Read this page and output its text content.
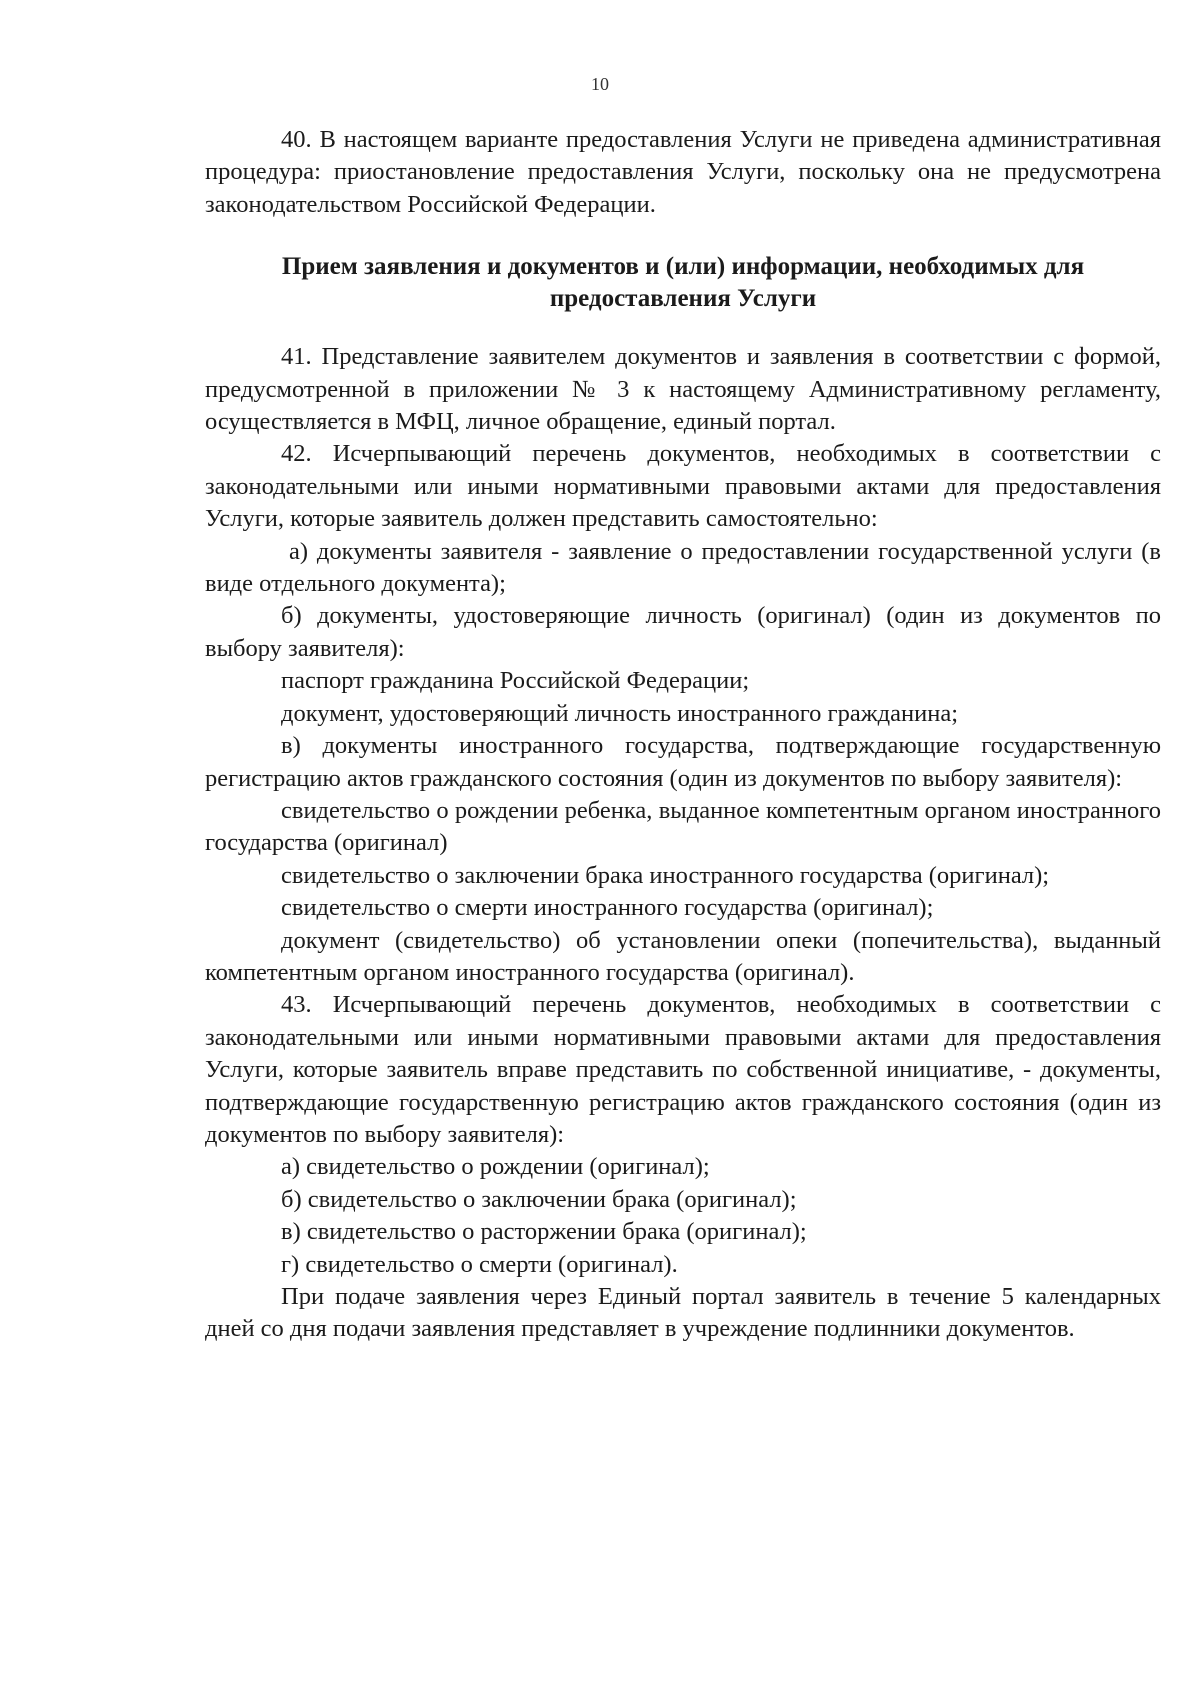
10

40. В настоящем варианте предоставления Услуги не приведена административная процедура: приостановление предоставления Услуги, поскольку она не предусмотрена законодательством Российской Федерации.

Прием заявления и документов и (или) информации, необходимых для предоставления Услуги

41. Представление заявителем документов и заявления в соответствии с формой, предусмотренной в приложении № 3 к настоящему Административному регламенту, осуществляется в МФЦ, личное обращение, единый портал.

42. Исчерпывающий перечень документов, необходимых в соответствии с законодательными или иными нормативными правовыми актами для предоставления Услуги, которые заявитель должен представить самостоятельно:

а) документы заявителя - заявление о предоставлении государственной услуги (в виде отдельного документа);

б) документы, удостоверяющие личность (оригинал) (один из документов по выбору заявителя):

паспорт гражданина Российской Федерации;

документ, удостоверяющий личность иностранного гражданина;

в) документы иностранного государства, подтверждающие государственную регистрацию актов гражданского состояния (один из документов по выбору заявителя):

свидетельство о рождении ребенка, выданное компетентным органом иностранного государства (оригинал)

свидетельство о заключении брака иностранного государства (оригинал);

свидетельство о смерти иностранного государства (оригинал);

документ (свидетельство) об установлении опеки (попечительства), выданный компетентным органом иностранного государства (оригинал).

43. Исчерпывающий перечень документов, необходимых в соответствии с законодательными или иными нормативными правовыми актами для предоставления Услуги, которые заявитель вправе представить по собственной инициативе, - документы, подтверждающие государственную регистрацию актов гражданского состояния (один из документов по выбору заявителя):

а) свидетельство о рождении (оригинал);

б) свидетельство о заключении брака (оригинал);

в) свидетельство о расторжении брака (оригинал);

г) свидетельство о смерти (оригинал).

При подаче заявления через Единый портал заявитель в течение 5 календарных дней со дня подачи заявления представляет в учреждение подлинники документов.
